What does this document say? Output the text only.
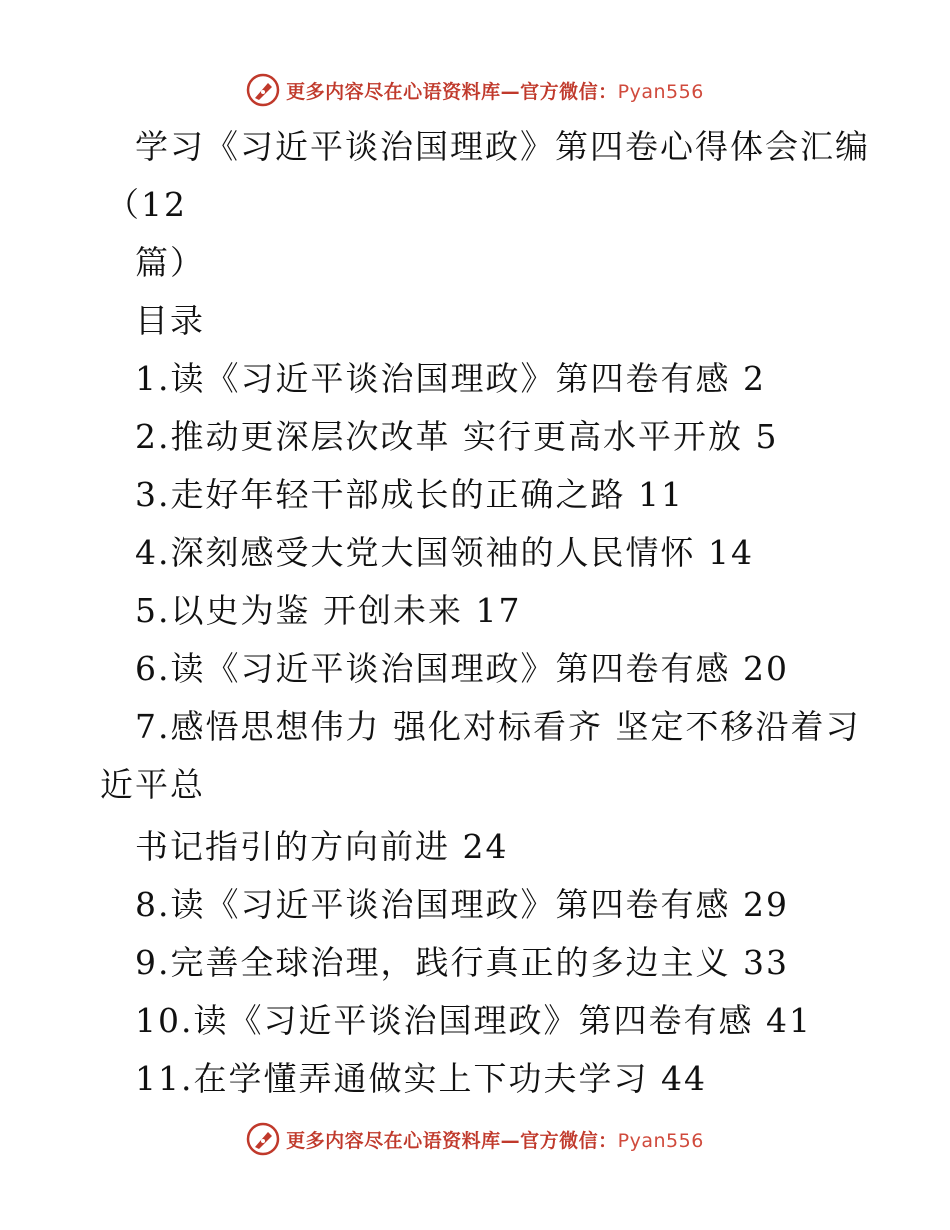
更多内容尽在心语资料库—官方微信：Pyan556
学习《习近平谈治国理政》第四卷心得体会汇编
（12
篇）
目录
1.读《习近平谈治国理政》第四卷有感 2
2.推动更深层次改革 实行更高水平开放 5
3.走好年轻干部成长的正确之路 11
4.深刻感受大党大国领袖的人民情怀 14
5.以史为鉴 开创未来 17
6.读《习近平谈治国理政》第四卷有感 20
7.感悟思想伟力 强化对标看齐 坚定不移沿着习
近平总
书记指引的方向前进 24
8.读《习近平谈治国理政》第四卷有感 29
9.完善全球治理，践行真正的多边主义 33
10.读《习近平谈治国理政》第四卷有感 41
11.在学懂弄通做实上下功夫学习 44
更多内容尽在心语资料库—官方微信：Pyan556
